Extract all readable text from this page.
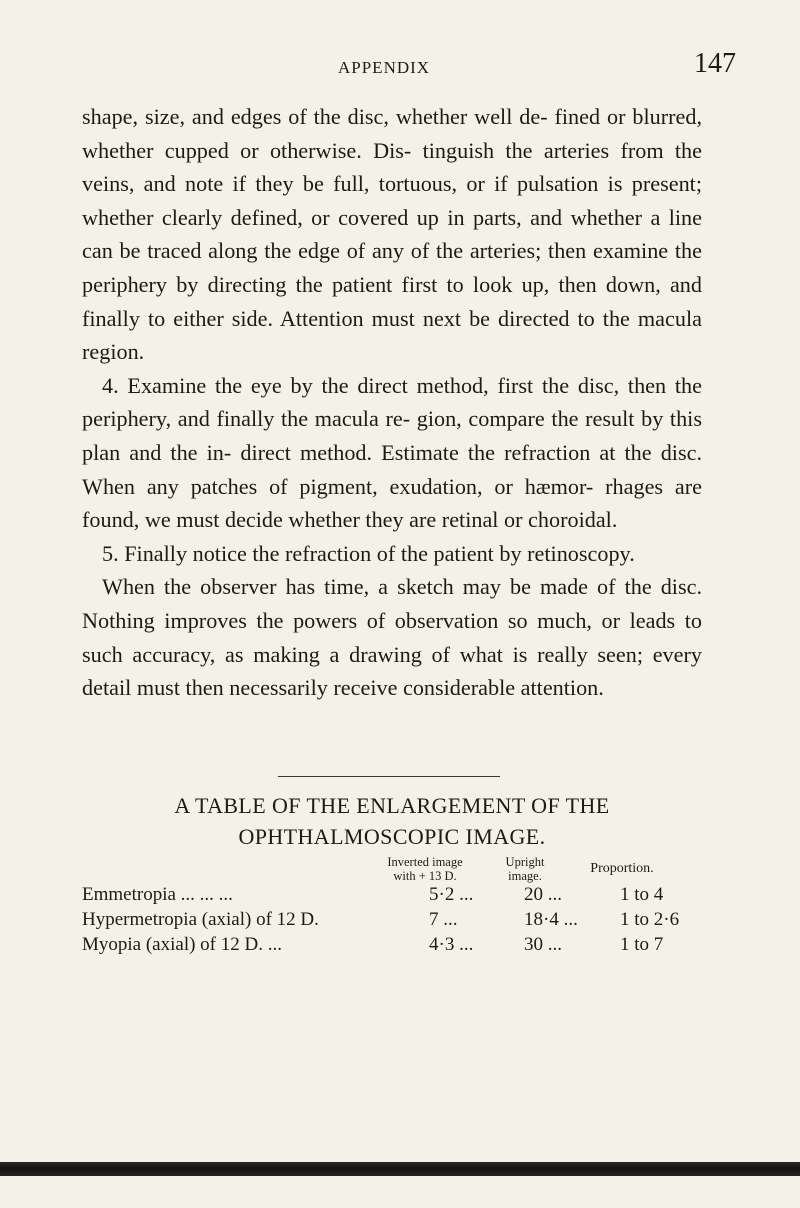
APPENDIX	147

shape, size, and edges of the disc, whether well de- fined or blurred, whether cupped or otherwise. Dis- tinguish the arteries from the veins, and note if they be full, tortuous, or if pulsation is present; whether clearly defined, or covered up in parts, and whether a line can be traced along the edge of any of the arteries; then examine the periphery by directing the patient first to look up, then down, and finally to either side. Attention must next be directed to the macula region.

4. Examine the eye by the direct method, first the disc, then the periphery, and finally the macula re- gion, compare the result by this plan and the in- direct method. Estimate the refraction at the disc. When any patches of pigment, exudation, or hæmor- rhages are found, we must decide whether they are retinal or choroidal.

5. Finally notice the refraction of the patient by retinoscopy.

When the observer has time, a sketch may be made of the disc. Nothing improves the powers of observation so much, or leads to such accuracy, as making a drawing of what is really seen; every detail must then necessarily receive considerable attention.

A TABLE OF THE ENLARGEMENT OF THE
OPHTHALMOSCOPIC IMAGE.
Inverted image
with + 13 D.
Upright
image.	Proportion.
Emmetropia ... ... ...	5·2 ...	20 ...	1 to 4
Hypermetropia (axial) of 12 D.	7 ...	18·4 ... 1 to 2·6
Myopia (axial) of 12 D. ...	4·3 ...	30 ...	1 to 7
